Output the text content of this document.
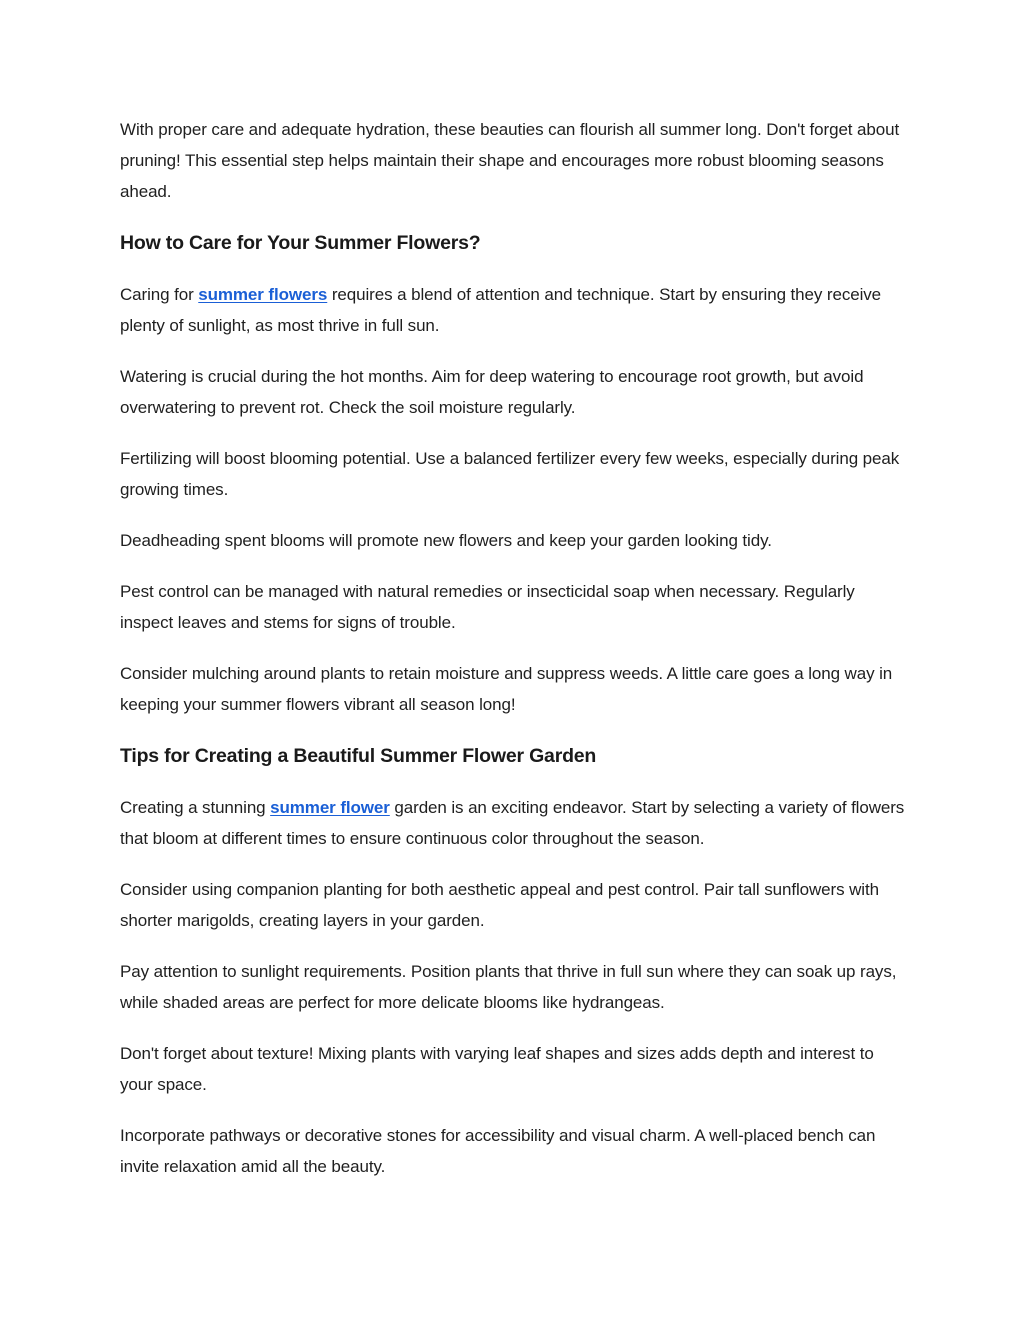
With proper care and adequate hydration, these beauties can flourish all summer long. Don't forget about pruning! This essential step helps maintain their shape and encourages more robust blooming seasons ahead.

How to Care for Your Summer Flowers?

Caring for summer flowers requires a blend of attention and technique. Start by ensuring they receive plenty of sunlight, as most thrive in full sun.

Watering is crucial during the hot months. Aim for deep watering to encourage root growth, but avoid overwatering to prevent rot. Check the soil moisture regularly.

Fertilizing will boost blooming potential. Use a balanced fertilizer every few weeks, especially during peak growing times.

Deadheading spent blooms will promote new flowers and keep your garden looking tidy.

Pest control can be managed with natural remedies or insecticidal soap when necessary. Regularly inspect leaves and stems for signs of trouble.

Consider mulching around plants to retain moisture and suppress weeds. A little care goes a long way in keeping your summer flowers vibrant all season long!

Tips for Creating a Beautiful Summer Flower Garden

Creating a stunning summer flower garden is an exciting endeavor. Start by selecting a variety of flowers that bloom at different times to ensure continuous color throughout the season.

Consider using companion planting for both aesthetic appeal and pest control. Pair tall sunflowers with shorter marigolds, creating layers in your garden.

Pay attention to sunlight requirements. Position plants that thrive in full sun where they can soak up rays, while shaded areas are perfect for more delicate blooms like hydrangeas.

Don't forget about texture! Mixing plants with varying leaf shapes and sizes adds depth and interest to your space.

Incorporate pathways or decorative stones for accessibility and visual charm. A well-placed bench can invite relaxation amid all the beauty.
